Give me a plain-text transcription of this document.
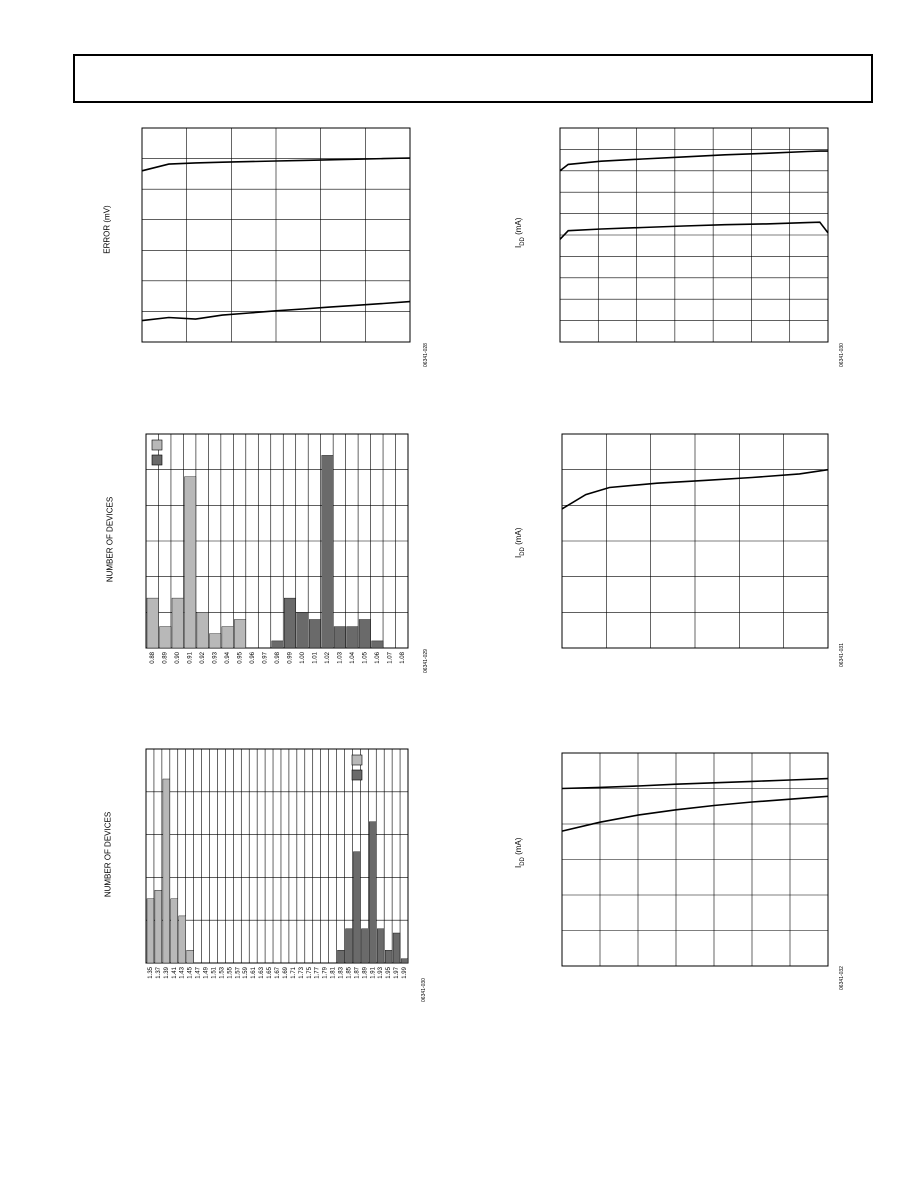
ERROR (mV)
06341-028
$I_{DD}$ (mA)
06341-030
NUMBER OF DEVICES
0.88 0.89 0.90 0.91 0.92 0.93 0.94 0.95 0.96 0.97 0.98 0.99 1.00 1.01 1.02 1.03 1.04 1.05 1.06 1.07 1.08	06341-029
$I_{DD}$ (mA)
06341-031
NUMBER OF DEVICES
1.35 1.37 1.39 1.41 1.43 1.45 1.47 1.49 1.51 1.53 1.55 1.57 1.59 1.61 1.63 1.65 1.67 1.69 1.71 1.73 1.75 1.77 1.79 1.81 1.83 1.85 1.87 1.89 1.91 1.93 1.95 1.97 1.99
06341-030
$I_{DD}$ (mA)
06341-032
